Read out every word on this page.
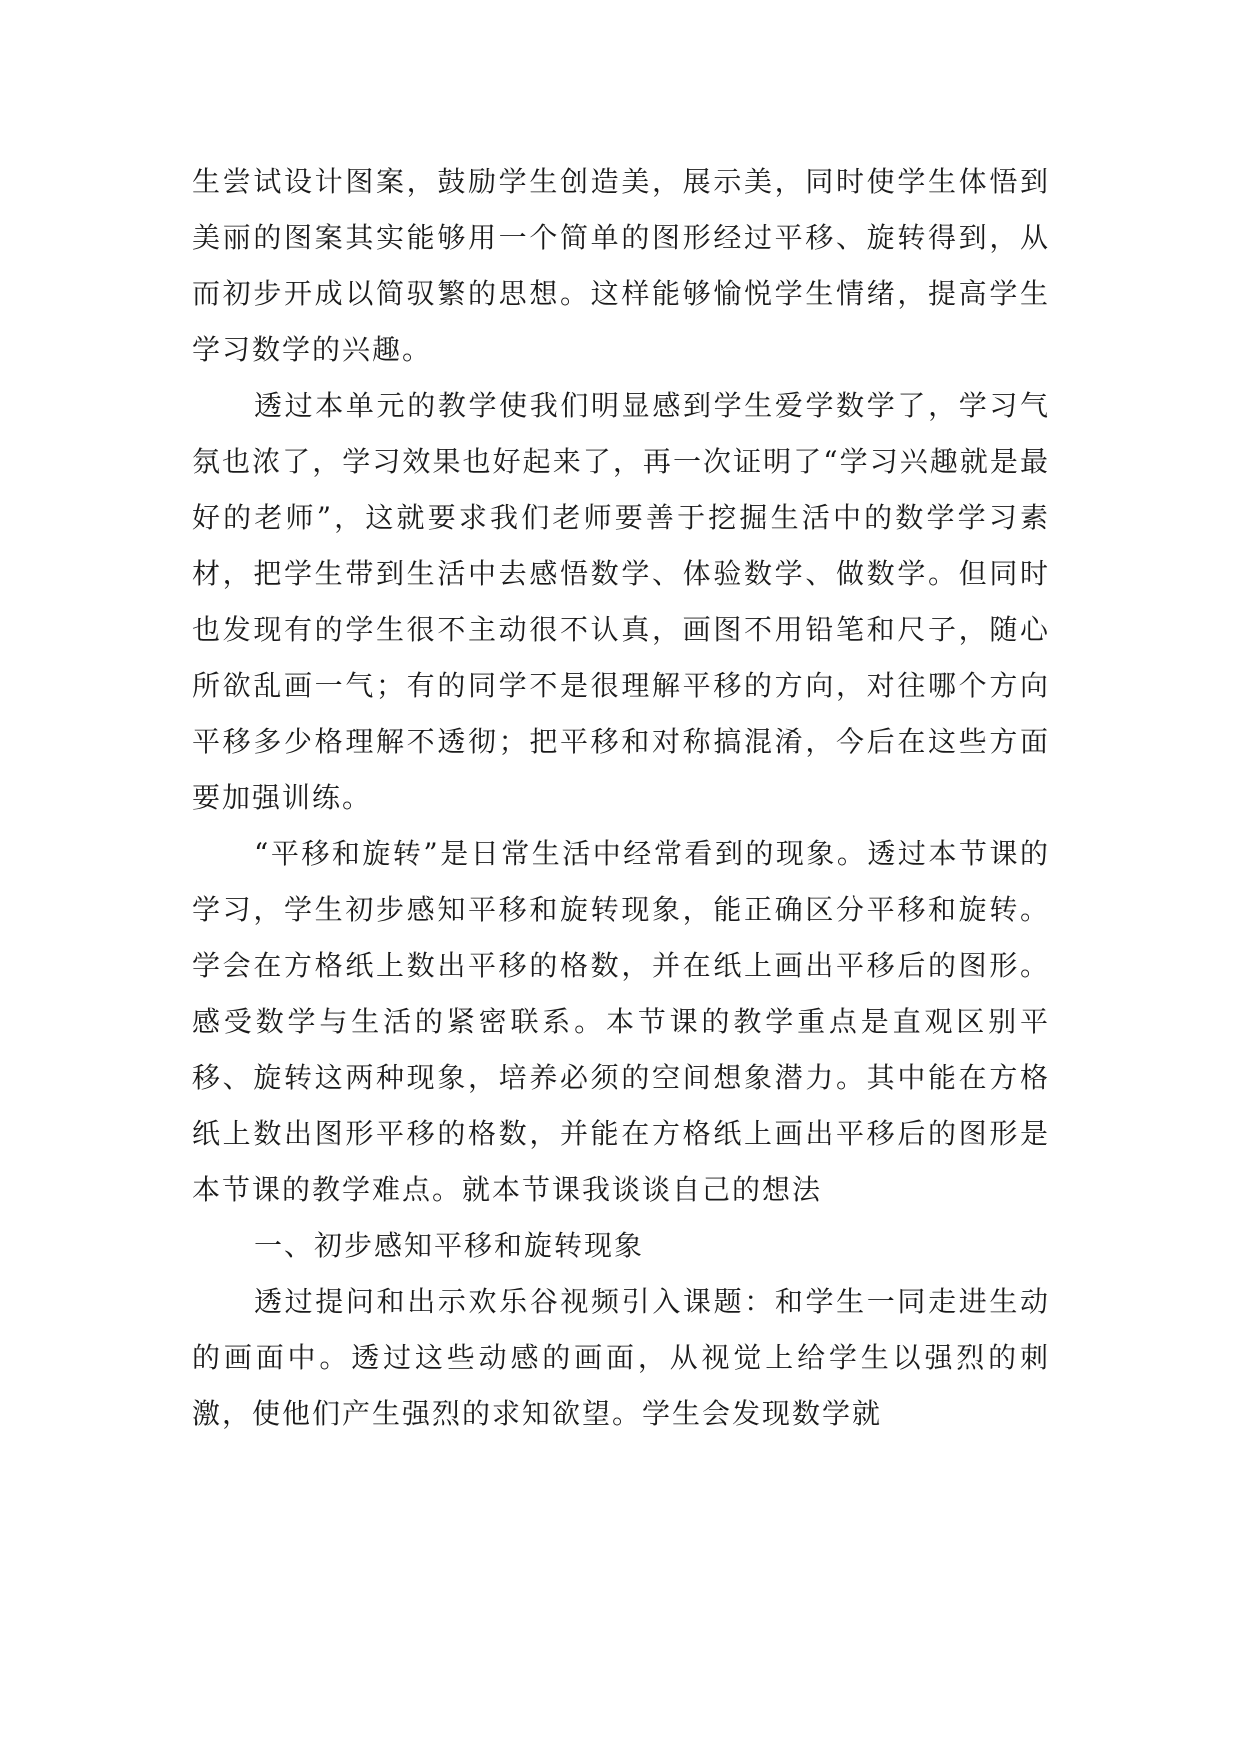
生尝试设计图案，鼓励学生创造美，展示美，同时使学生体悟到美丽的图案其实能够用一个简单的图形经过平移、旋转得到，从而初步开成以简驭繁的思想。这样能够愉悦学生情绪，提高学生学习数学的兴趣。

透过本单元的教学使我们明显感到学生爱学数学了，学习气氛也浓了，学习效果也好起来了，再一次证明了“学习兴趣就是最好的老师”，这就要求我们老师要善于挖掘生活中的数学学习素材，把学生带到生活中去感悟数学、体验数学、做数学。但同时也发现有的学生很不主动很不认真，画图不用铅笔和尺子，随心所欲乱画一气；有的同学不是很理解平移的方向，对往哪个方向平移多少格理解不透彻；把平移和对称搞混淆，今后在这些方面要加强训练。

“平移和旋转”是日常生活中经常看到的现象。透过本节课的学习，学生初步感知平移和旋转现象，能正确区分平移和旋转。学会在方格纸上数出平移的格数，并在纸上画出平移后的图形。感受数学与生活的紧密联系。本节课的教学重点是直观区别平移、旋转这两种现象，培养必须的空间想象潜力。其中能在方格纸上数出图形平移的格数，并能在方格纸上画出平移后的图形是本节课的教学难点。就本节课我谈谈自己的想法

一、初步感知平移和旋转现象

透过提问和出示欢乐谷视频引入课题：和学生一同走进生动的画面中。透过这些动感的画面，从视觉上给学生以强烈的刺激，使他们产生强烈的求知欲望。学生会发现数学就
